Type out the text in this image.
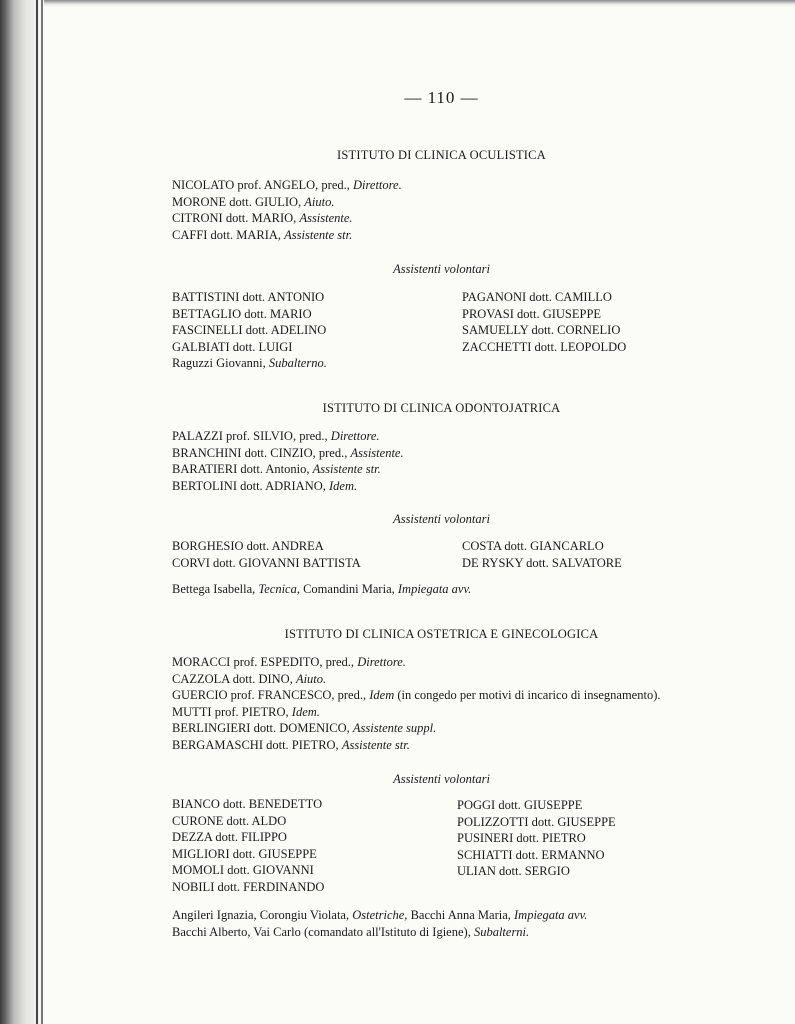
— 110 —
ISTITUTO DI CLINICA OCULISTICA
NICOLATO prof. ANGELO, pred., Direttore.
MORONE dott. GIULIO, Aiuto.
CITRONI dott. MARIO, Assistente.
CAFFI dott. MARIA, Assistente str.
Assistenti volontari
BATTISTINI dott. ANTONIO
BETTAGLIO dott. MARIO
FASCINELLI dott. ADELINO
GALBIATI dott. LUIGI
PAGANONI dott. CAMILLO
PROVASI dott. GIUSEPPE
SAMUELLY dott. CORNELIO
ZACCHETTI dott. LEOPOLDO
Raguzzi Giovanni, Subalterno.
ISTITUTO DI CLINICA ODONTOJATRICA
PALAZZI prof. SILVIO, pred., Direttore.
BRANCHINI dott. CINZIO, pred., Assistente.
BARATIERI dott. Antonio, Assistente str.
BERTOLINI dott. ADRIANO, Idem.
Assistenti volontari
BORGHESIO dott. ANDREA
CORVI dott. GIOVANNI BATTISTA
COSTA dott. GIANCARLO
DE RYSKY dott. SALVATORE
Bettega Isabella, Tecnica, Comandini Maria, Impiegata avv.
ISTITUTO DI CLINICA OSTETRICA E GINECOLOGICA
MORACCI prof. ESPEDITO, pred., Direttore.
CAZZOLA dott. DINO, Aiuto.
GUERCIO prof. FRANCESCO, pred., Idem (in congedo per motivi di incarico di insegnamento).
MUTTI prof. PIETRO, Idem.
BERLINGIERI dott. DOMENICO, Assistente suppl.
BERGAMASCHI dott. PIETRO, Assistente str.
Assistenti volontari
BIANCO dott. BENEDETTO
CURONE dott. ALDO
DEZZA dott. FILIPPO
MIGLIORI dott. GIUSEPPE
MOMOLI dott. GIOVANNI
NOBILI dott. FERDINANDO
POGGI dott. GIUSEPPE
POLIZZOTTI dott. GIUSEPPE
PUSINERI dott. PIETRO
SCHIATTI dott. ERMANNO
ULIAN dott. SERGIO
Angileri Ignazia, Corongiu Violata, Ostetriche, Bacchi Anna Maria, Impiegata avv.
Bacchi Alberto, Vai Carlo (comandato all'Istituto di Igiene), Subalterni.
